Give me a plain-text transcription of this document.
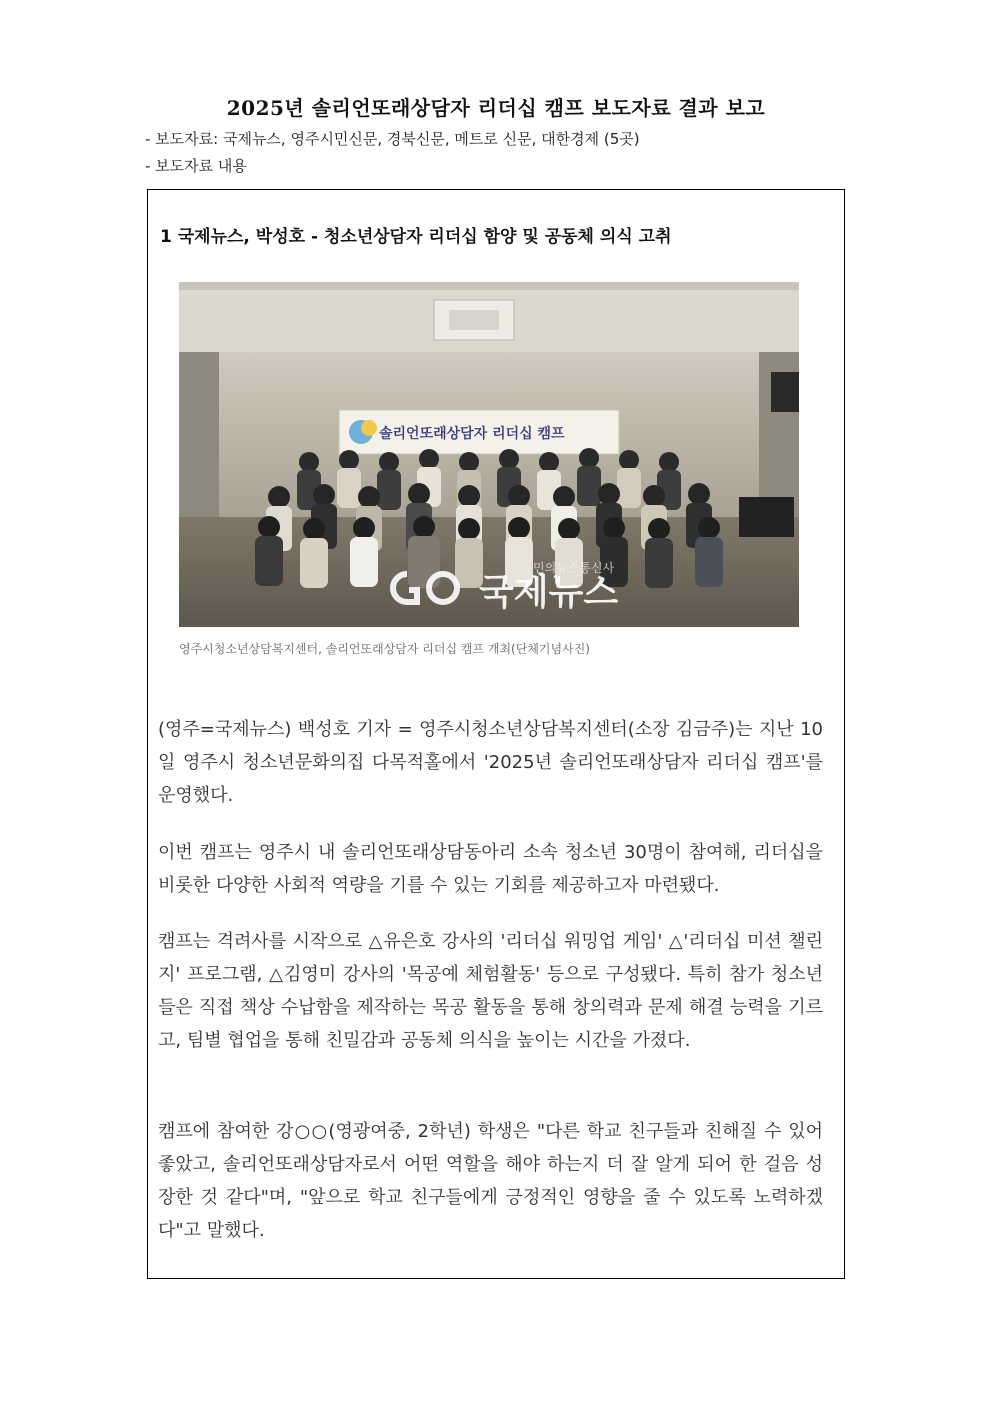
2025년 솔리언또래상담자 리더십 캠프 보도자료 결과 보고
- 보도자료: 국제뉴스, 영주시민신문, 경북신문, 메트로 신문, 대한경제 (5곳)
- 보도자료 내용
1 국제뉴스, 박성호 - 청소년상담자 리더십 함양 및 공동체 의식 고취
솔리언또래상담자 리더십 캠프
민의뉴스통신사
국제뉴스
영주시청소년상담복지센터, 솔리언또래상담자 리더십 캠프 개최(단체기념사진)
(영주=국제뉴스) 백성호 기자 = 영주시청소년상담복지센터(소장 김금주)는 지난 10일 영주시 청소년문화의집 다목적홀에서 '2025년 솔리언또래상담자 리더십 캠프'를 운영했다.
이번 캠프는 영주시 내 솔리언또래상담동아리 소속 청소년 30명이 참여해, 리더십을 비롯한 다양한 사회적 역량을 기를 수 있는 기회를 제공하고자 마련됐다.
캠프는 격려사를 시작으로 △유은호 강사의 '리더십 워밍업 게임' △'리더십 미션 챌린지' 프로그램, △김영미 강사의 '목공예 체험활동' 등으로 구성됐다. 특히 참가 청소년들은 직접 책상 수납함을 제작하는 목공 활동을 통해 창의력과 문제 해결 능력을 기르고, 팀별 협업을 통해 친밀감과 공동체 의식을 높이는 시간을 가졌다.
캠프에 참여한 강○○(영광여중, 2학년) 학생은 "다른 학교 친구들과 친해질 수 있어 좋았고, 솔리언또래상담자로서 어떤 역할을 해야 하는지 더 잘 알게 되어 한 걸음 성장한 것 같다"며, "앞으로 학교 친구들에게 긍정적인 영향을 줄 수 있도록 노력하겠다"고 말했다.
